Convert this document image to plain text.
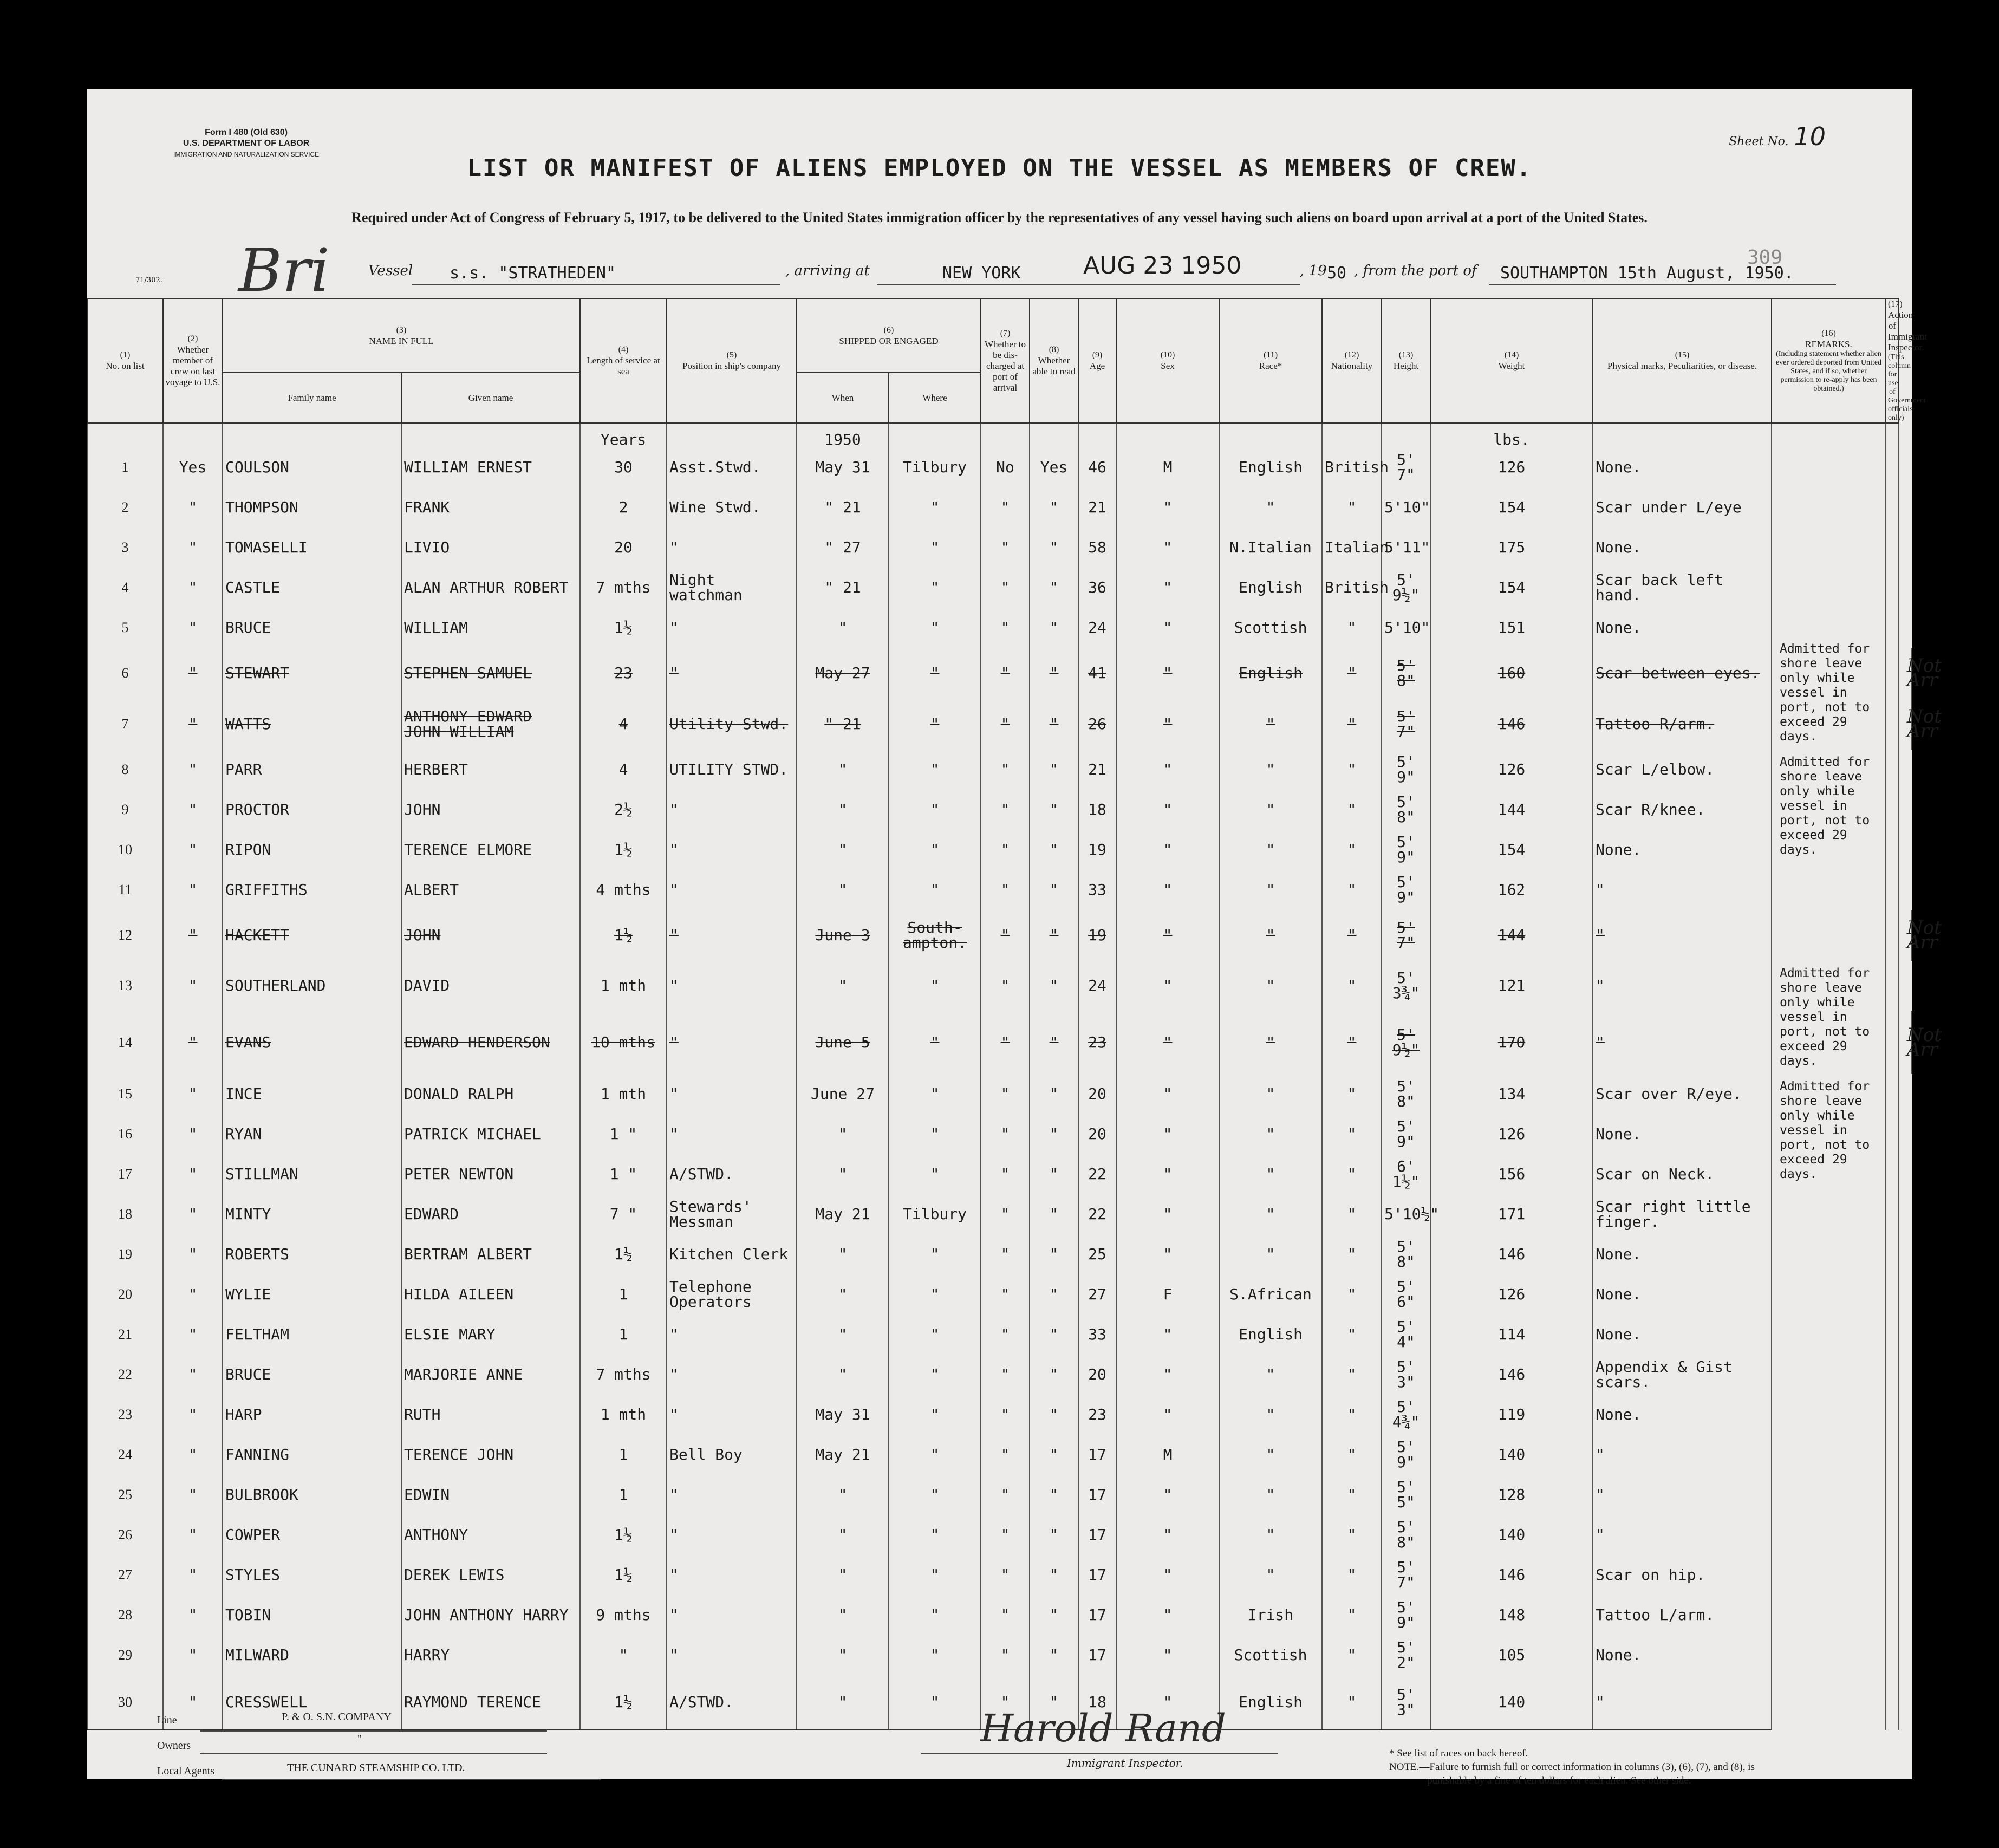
Form I 480 (Old 630)
U.S. DEPARTMENT OF LABOR
IMMIGRATION AND NATURALIZATION SERVICE
Sheet No. 10
LIST OR MANIFEST OF ALIENS EMPLOYED ON THE VESSEL AS MEMBERS OF CREW.
Required under Act of Congress of February 5, 1917, to be delivered to the United States immigration officer by the representatives of any vessel having such aliens on board upon arrival at a port of the United States.
71/302. Bri	309
Vessel s.s. "STRATHEDEN"	, arriving at	NEW YORK	AUG 23 1950	, 19 50 , from the port of SOUTHAMPTON 15th August, 1950.
(1)
No. on list	(2)
Whether member of crew on last voyage to U.S.	(3)
NAME IN FULL		(4)
Length of service at sea	(5)
Position in ship's company	(6)
SHIPPED OR ENGAGED		(7)
Whether to be dis-charged at port of arrival	(8)
Whether able to read	(9)
Age	(10)
Sex	(11)
Race*	(12)
Nationality	(13)
Height	(14)
Weight	(15)
Physical marks, Peculiarities, or disease.	(16)
REMARKS.
(Including statement whether alien ever ordered deported from United States, and if so, whether permission to re-apply has been obtained.)	(17)
Action of Immigrant Inspector.
(This column for use of Government officials only)	

		Family name	Given name			When	Where												
				Years		1950									lbs.		Admitted for shore leave only while vessel in port, not to exceed 29 days.		
1	Yes	COULSON	WILLIAM ERNEST	30	Asst.Stwd.	May 31	Tilbury	No	Yes	46	M	English	British	5' 7"	126	None.			
2	"	THOMPSON	FRANK	2	Wine Stwd.	" 21	"	"	"	21	"	"	"	5'10"	154	Scar under L/eye			
3	"	TOMASELLI	LIVIO	20	"	" 27	"	"	"	58	"	N.Italian	Italian	5'11"	175	None.			
4	"	CASTLE	ALAN ARTHUR ROBERT	7 mths	Night watchman	" 21	"	"	"	36	"	English	British	5' 9½"	154	Scar back left hand.			
5	"	BRUCE	WILLIAM	1½	"	"	"	"	"	24	"	Scottish	"	5'10"	151	None.			
6	"	STEWART	STEPHEN SAMUEL	23	"	May 27	"	"	"	41	"	English	"	5' 8"	160	Scar between eyes.			Not Arr
7	"	WATTS	ANTHONY EDWARD JOHN WILLIAM	4	Utility Stwd.	" 21	"	"	"	26	"	"	"	5' 7"	146	Tattoo R/arm.			Not Arr
8	"	PARR	HERBERT	4	UTILITY STWD.	"	"	"	"	21	"	"	"	5' 9"	126	Scar L/elbow.	Admitted for shore leave only while vessel in port, not to exceed 29 days.		
9	"	PROCTOR	JOHN	2½	"	"	"	"	"	18	"	"	"	5' 8"	144	Scar R/knee.			
10	"	RIPON	TERENCE ELMORE	1½	"	"	"	"	"	19	"	"	"	5' 9"	154	None.			
11	"	GRIFFITHS	ALBERT	4 mths	"	"	"	"	"	33	"	"	"	5' 9"	162	"			
12	"	HACKETT	JOHN	1½	"	June 3	South- ampton.	"	"	19	"	"	"	5' 7"	144	"			Not Arr
13	"	SOUTHERLAND	DAVID	1 mth	"	"	"	"	"	24	"	"	"	5' 3¾"	121	"	Admitted for shore leave only while vessel in port, not to exceed 29 days.		
14	"	EVANS	EDWARD HENDERSON	10 mths	"	June 5	"	"	"	23	"	"	"	5' 9½"	170	"			Not Arr
15	"	INCE	DONALD RALPH	1 mth	"	June 27	"	"	"	20	"	"	"	5' 8"	134	Scar over R/eye.	Admitted for shore leave only while vessel in port, not to exceed 29 days.		
16	"	RYAN	PATRICK MICHAEL	1 "	"	"	"	"	"	20	"	"	"	5' 9"	126	None.			
17	"	STILLMAN	PETER NEWTON	1 "	A/STWD.	"	"	"	"	22	"	"	"	6' 1½"	156	Scar on Neck.			
18	"	MINTY	EDWARD	7 "	Stewards' Messman	May 21	Tilbury	"	"	22	"	"	"	5'10½"	171	Scar right little finger.			
19	"	ROBERTS	BERTRAM ALBERT	1½	Kitchen Clerk	"	"	"	"	25	"	"	"	5' 8"	146	None.			
20	"	WYLIE	HILDA AILEEN	1	Telephone Operators	"	"	"	"	27	F	S.African	"	5' 6"	126	None.			
21	"	FELTHAM	ELSIE MARY	1	"	"	"	"	"	33	"	English	"	5' 4"	114	None.			
22	"	BRUCE	MARJORIE ANNE	7 mths	"	"	"	"	"	20	"	"	"	5' 3"	146	Appendix & Gist scars.			
23	"	HARP	RUTH	1 mth	"	May 31	"	"	"	23	"	"	"	5' 4¾"	119	None.			
24	"	FANNING	TERENCE JOHN	1	Bell Boy	May 21	"	"	"	17	M	"	"	5' 9"	140	"			
25	"	BULBROOK	EDWIN	1	"	"	"	"	"	17	"	"	"	5' 5"	128	"			
26	"	COWPER	ANTHONY	1½	"	"	"	"	"	17	"	"	"	5' 8"	140	"			
27	"	STYLES	DEREK LEWIS	1½	"	"	"	"	"	17	"	"	"	5' 7"	146	Scar on hip.			
28	"	TOBIN	JOHN ANTHONY HARRY	9 mths	"	"	"	"	"	17	"	Irish	"	5' 9"	148	Tattoo L/arm.			
29	"	MILWARD	HARRY	"	"	"	"	"	"	17	"	Scottish	"	5' 2"	105	None.			
30	"	CRESSWELL	RAYMOND TERENCE	1½	A/STWD.	"	"	"	"	18	"	English	"	5' 3"	140	"			
Line	P. & O. S.N. COMPANY
Owners
"
Local Agents	THE CUNARD STEAMSHIP CO. LTD.
Harold Rand
Immigrant Inspector.
* See list of races on back hereof.
NOTE.—Failure to furnish full or correct information in columns (3), (6), (7), and (8), is
punishable by a fine of ten dollars for each alien. See other side.
